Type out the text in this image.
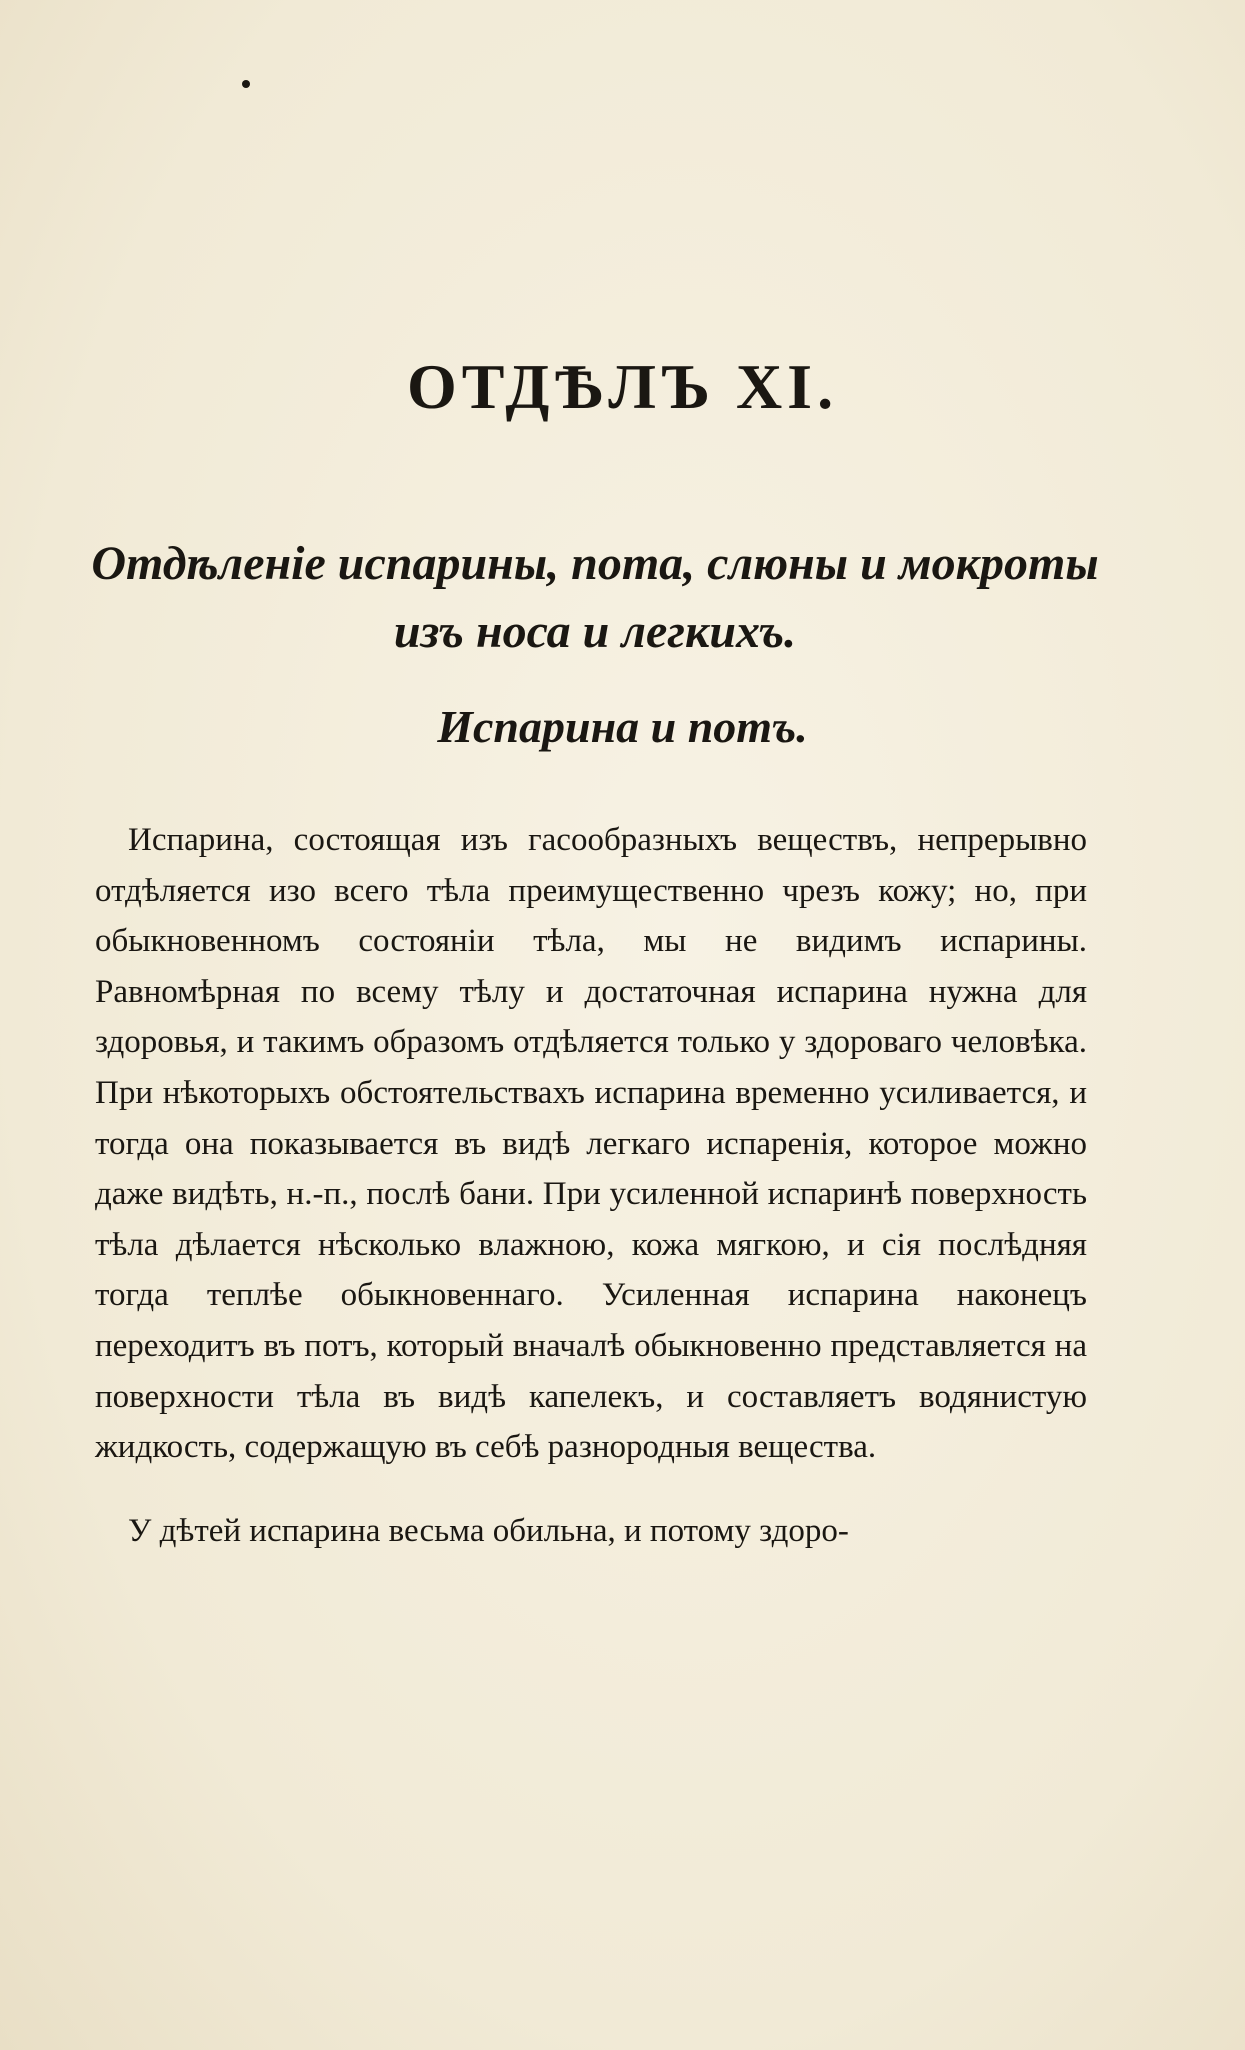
ОТДѢЛЪ XI.
Отдѣленіе испарины, пота, слюны и мокроты изъ носа и легкихъ.
Испарина и потъ.

Испарина, состоящая изъ гасообразныхъ веществъ, непрерывно отдѣляется изо всего тѣла преимущественно чрезъ кожу; но, при обыкновенномъ состояніи тѣла, мы не видимъ испарины. Равномѣрная по всему тѣлу и достаточная испарина нужна для здоровья, и такимъ образомъ отдѣляется только у здороваго человѣка. При нѣкоторыхъ обстоятельствахъ испарина временно усиливается, и тогда она показывается въ видѣ легкаго испаренія, которое можно даже видѣть, н.-п., послѣ бани. При усиленной испаринѣ поверхность тѣла дѣлается нѣсколько влажною, кожа мягкою, и сія послѣдняя тогда теплѣе обыкновеннаго. Усиленная испарина наконецъ переходитъ въ потъ, который вначалѣ обыкновенно представляется на поверхности тѣла въ видѣ капелекъ, и составляетъ водянистую жидкость, содержащую въ себѣ разнородныя вещества.

У дѣтей испарина весьма обильна, и потому здоро-
